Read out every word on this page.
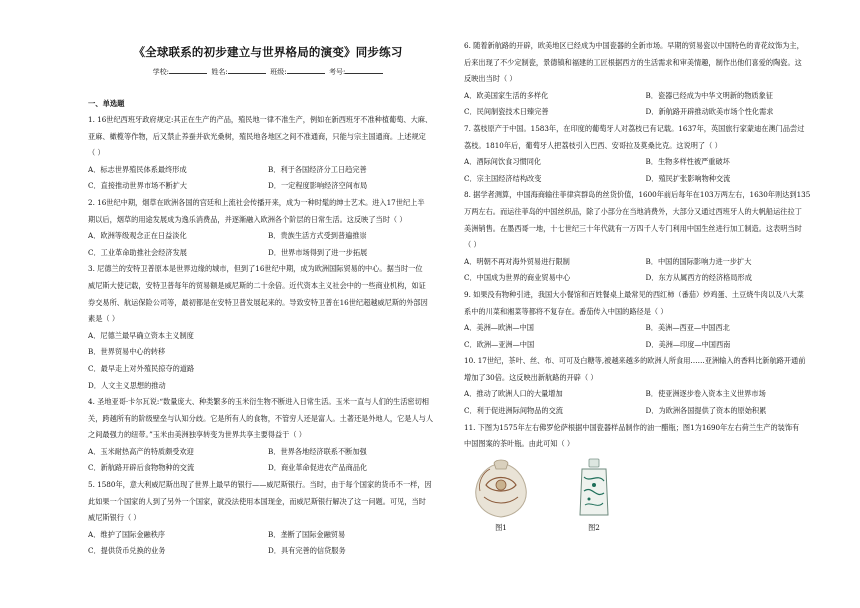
《全球联系的初步建立与世界格局的演变》同步练习
学校:	姓名:	班级:	考号:
一、单选题
1. 16世纪西班牙政府规定:其正在生产的产品，殖民地一律不准生产，例如在新西班牙不准种植葡萄、大麻、
亚麻、橄榄等作物，后又禁止养蚕并砍光桑树，殖民地各地区之间不准通商，只能与宗主国通商。上述规定
（ ）
A．标志世界殖民体系最终形成	B．利于各国经济分工日趋完善
C．直接推动世界市场不断扩大	D．一定程度影响经济空间布局
2. 16世纪中期，烟草在欧洲各国的宫廷和上流社会传播开来，成为一种时髦的绅士艺术。进入17世纪上半
期以后，烟草的用途发展成为逸乐消费品，并逐渐融入欧洲各个阶层的日常生活。这反映了当时（ ）
A．欧洲等级观念正在日益淡化	B．贵族生活方式受到普遍推崇
C．工业革命助推社会经济发展	D．世界市场得到了进一步拓展
3. 尼德兰的安特卫普原本是世界边缘的城市，但到了16世纪中期，成为欧洲国际贸易的中心。据当时一位
威尼斯大使记载，安特卫普每年的贸易额是威尼斯的二十余倍。近代资本主义社会中的一些商业机构，如证
券交易所、航运保险公司等，最初都是在安特卫普发展起来的。导致安特卫普在16世纪超越威尼斯的外部因
素是（ ）
A．尼德兰最早确立资本主义制度
B．世界贸易中心的转移
C．最早走上对外殖民掠夺的道路
D．人文主义思想的推动
4. 圣地亚哥·卡尔瓦说:“数量庞大、种类繁多的玉米衍生物不断进入日常生活。玉米一直与人们的生活密切相
关，跨越所有的阶级壁垒与认知分歧。它是所有人的食物，不管穷人还是富人。土著还是外地人，它是人与人
之间最强力的纽带。”玉米由美洲独享转变为世界共享主要得益于（ ）
A．玉米耐热高产的特质颇受欢迎	B．世界各地经济联系不断加强
C．新航路开辟后食物物种的交流	D．商业革命促进农产品商品化
5. 1580年，意大利威尼斯出现了世界上最早的银行——威尼斯银行。当时，由于每个国家的货币不一样，因
此如果一个国家的人到了另外一个国家，就没法使用本国现金，而威尼斯银行解决了这一问题。可见，当时
威尼斯银行（ ）
A．维护了国际金融秩序	B．垄断了国际金融贸易
C．提供货币兑换的业务	D．具有完善的信贷服务
6. 随着新航路的开辟，欧美地区已经成为中国瓷器的全新市场。早期的贸易瓷以中国特色的青花纹饰为主，
后来出现了不少定制瓷，景德镇和福建的工匠根据西方的生活需求和审美情趣，制作出他们喜爱的陶瓷。这
反映出当时（ ）
A．欧美国家生活的多样化	B．瓷器已经成为中华文明新的物质象征
C．民间制瓷技术日臻完善	D．新航路开辟推动欧美市场个性化需求
7. 荔枝原产于中国。1583年，在印度的葡萄牙人对荔枝已有记载。1637年，英国旅行家蒙迪在澳门品尝过
荔枝。1810年后，葡萄牙人把荔枝引入巴西、安哥拉及莫桑比克。这说明了（ ）
A．酒际间饮食习惯同化	B．生物多样性被严重破坏
C．宗主国经济结构改变	D．殖民扩张影响物种交流
8. 据学者测算，中国海商输往菲律宾群岛的丝货价值，1600年前后每年在103万两左右，1630年则达到135
万两左右。而运往菲岛的中国丝织品，除了小部分在当地消费外，大部分又通过西班牙人的大帆船运往拉丁
美洲销售。在墨西哥一地，十七世纪三十年代就有一万四千人专门利用中国生丝进行加工制造。这表明当时
（ ）
A．明朝不再对海外贸易进行限制	B．中国的国际影响力进一步扩大
C．中国成为世界的商业贸易中心	D．东方从属西方的经济格局形成
9. 如果没有物种引进，我国大小餐馆和百姓餐桌上最常见的西红柿（番茄）炒鸡蛋、土豆烧牛肉以及八大菜
系中的川菜和湘菜等都将不复存在。番茄传入中国的路径是（ ）
A．美洲—欧洲—中国	B．美洲—西亚—中国西北
C．欧洲—亚洲—中国	D．美洲—印度—中国西南
10. 17世纪，茶叶、丝、布、可可及白糖等,被越来越多的欧洲人所食用……亚洲输入的香料比新航路开通前
增加了30倍。这反映出新航路的开辟（ ）
A．推动了欧洲人口的大量增加	B．使亚洲逐步卷入资本主义世界市场
C．利于促进洲际间物品的交流	D．为欧洲各国提供了资本的原始积累
11. 下图为1575年左右佛罗伦萨根据中国瓷器样品制作的油一醋瓶；图1为1690年左右荷兰生产的装饰有
中国图案的茶叶瓶。由此可知（ ）
图1	图2
